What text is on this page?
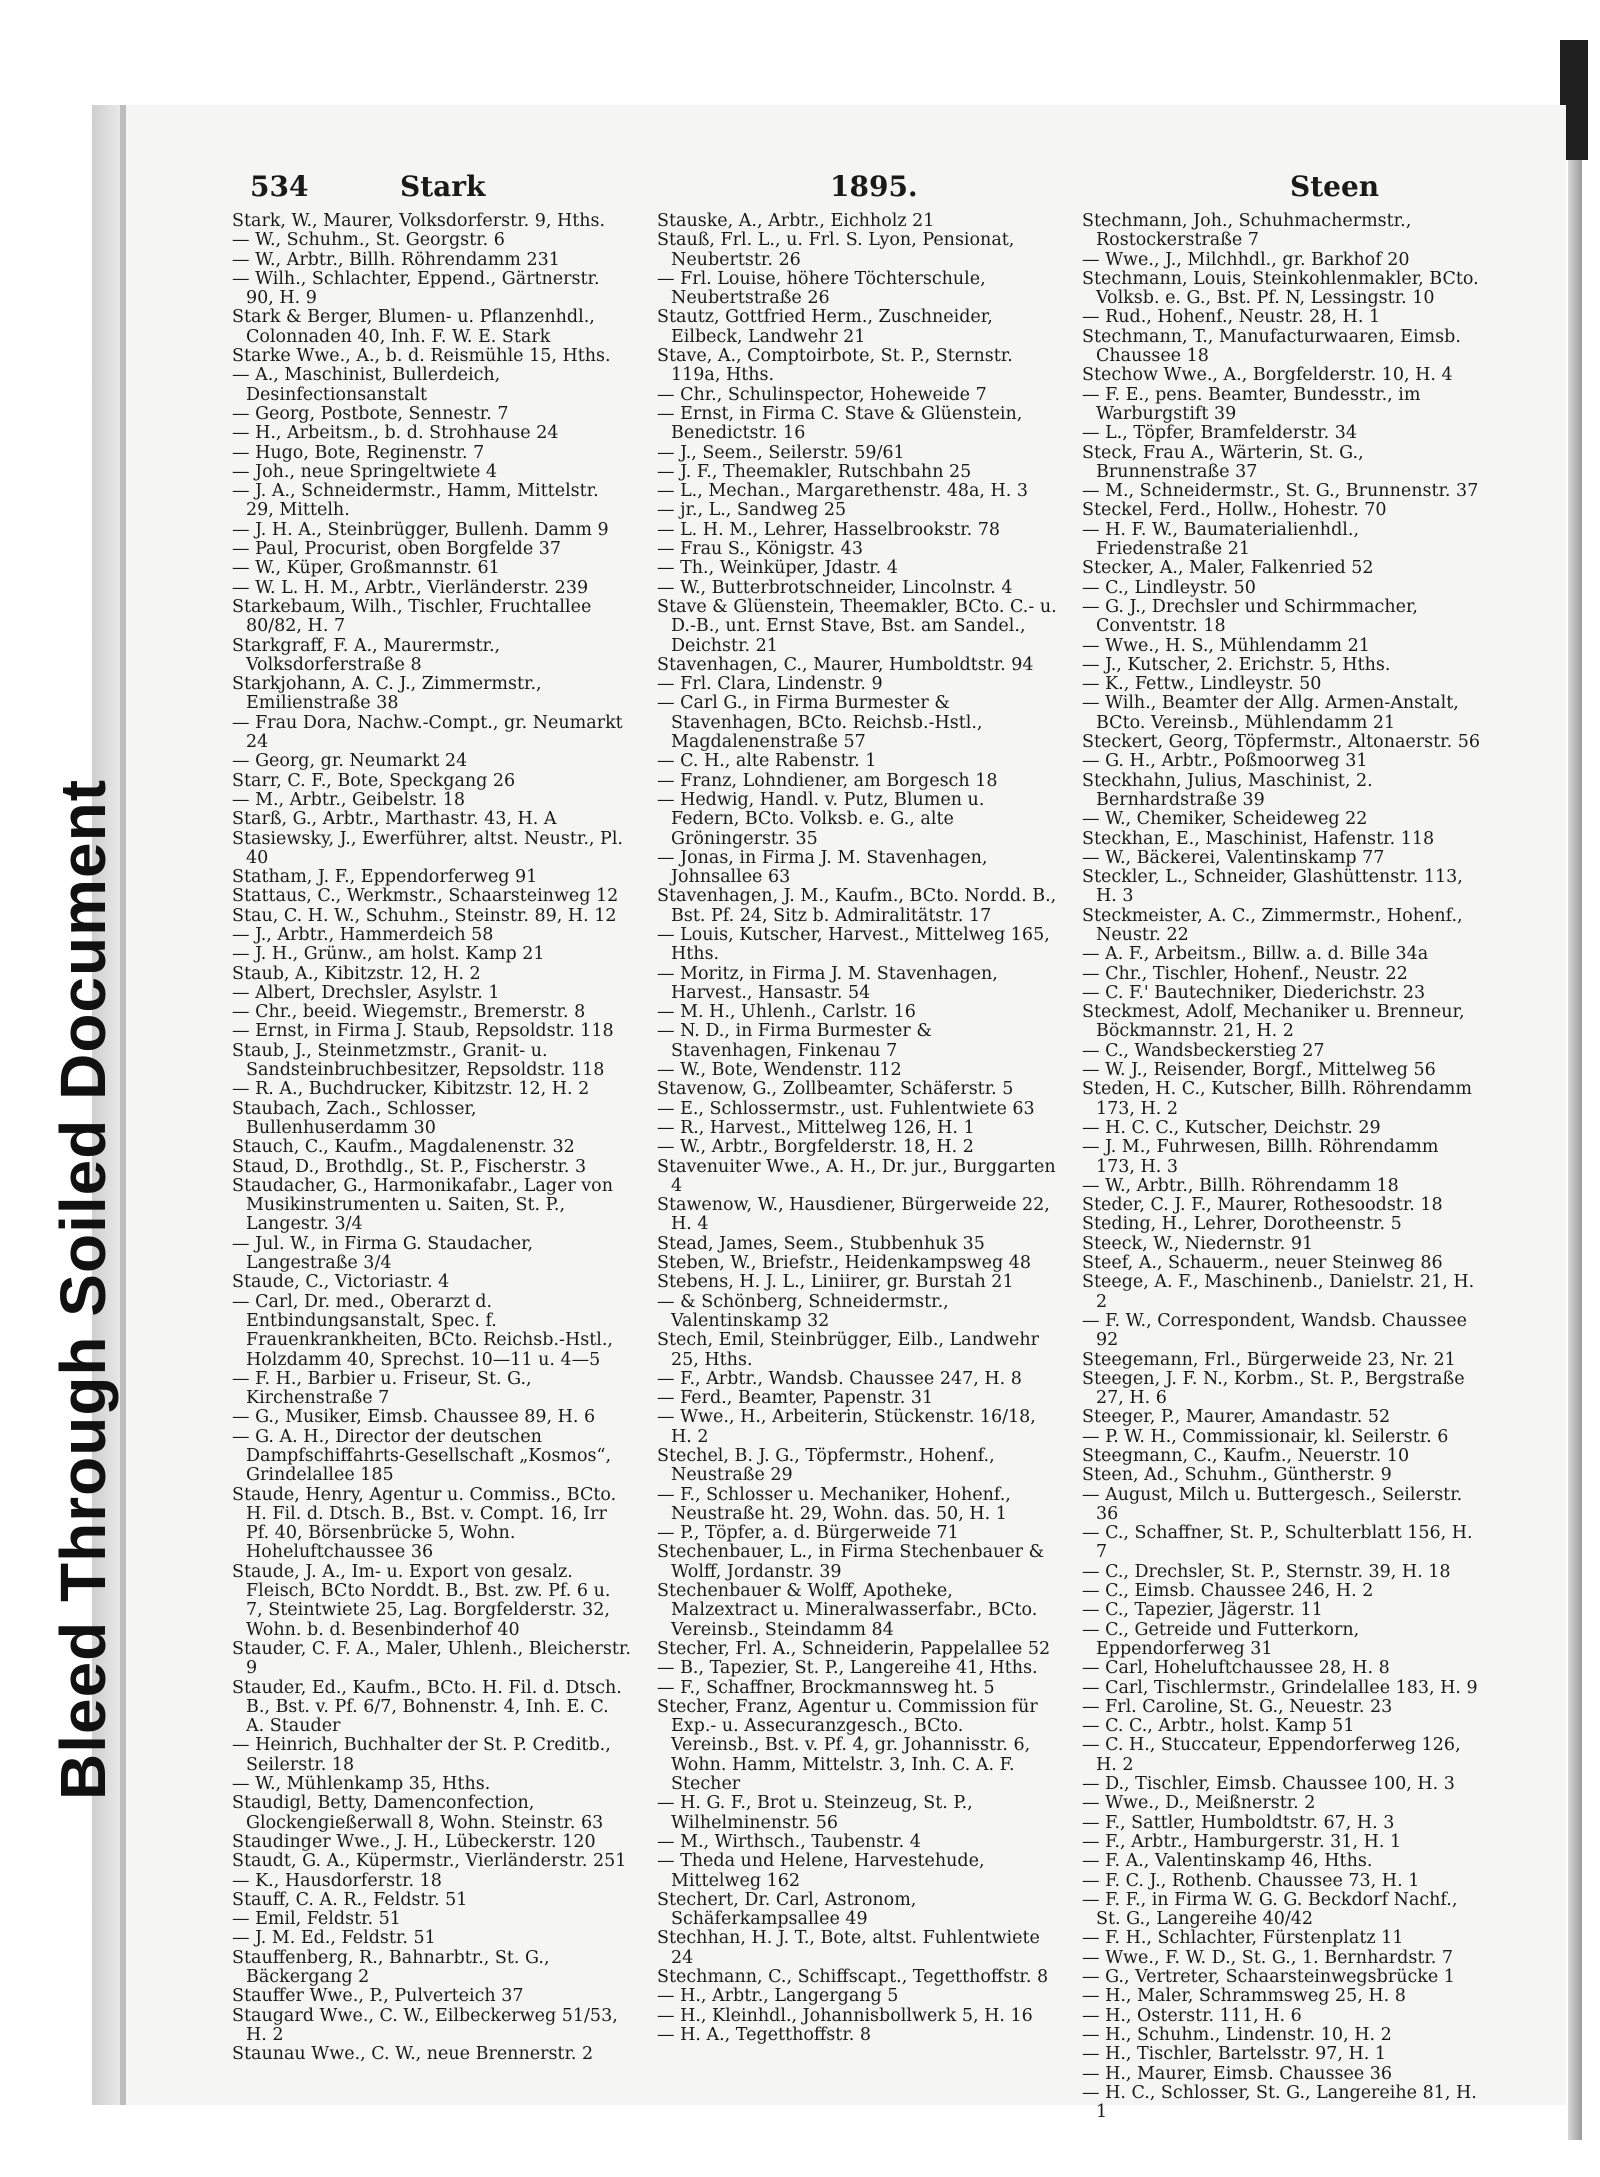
Bleed Through Soiled Document
534	Stark	1895.	Steen

Stark, W., Maurer, Volksdorferstr. 9, Hths.

— W., Schuhm., St. Georgstr. 6

— W., Arbtr., Billh. Röhrendamm 231

— Wilh., Schlachter, Eppend., Gärtnerstr. 90, H. 9

Stark & Berger, Blumen- u. Pflanzenhdl., Colonnaden 40, Inh. F. W. E. Stark

Starke Wwe., A., b. d. Reismühle 15, Hths.

— A., Maschinist, Bullerdeich, Desinfectionsanstalt

— Georg, Postbote, Sennestr. 7

— H., Arbeitsm., b. d. Strohhause 24

— Hugo, Bote, Reginenstr. 7

— Joh., neue Springeltwiete 4

— J. A., Schneidermstr., Hamm, Mittelstr. 29, Mittelh.

— J. H. A., Steinbrügger, Bullenh. Damm 9

— Paul, Procurist, oben Borgfelde 37

— W., Küper, Großmannstr. 61

— W. L. H. M., Arbtr., Vierländerstr. 239

Starkebaum, Wilh., Tischler, Fruchtallee 80/82, H. 7

Starkgraff, F. A., Maurermstr., Volksdorferstraße 8

Starkjohann, A. C. J., Zimmermstr., Emilienstraße 38

— Frau Dora, Nachw.-Compt., gr. Neumarkt 24

— Georg, gr. Neumarkt 24

Starr, C. F., Bote, Speckgang 26

— M., Arbtr., Geibelstr. 18

Starß, G., Arbtr., Marthastr. 43, H. A

Stasiewsky, J., Ewerführer, altst. Neustr., Pl. 40

Statham, J. F., Eppendorferweg 91

Stattaus, C., Werkmstr., Schaarsteinweg 12

Stau, C. H. W., Schuhm., Steinstr. 89, H. 12

— J., Arbtr., Hammerdeich 58

— J. H., Grünw., am holst. Kamp 21

Staub, A., Kibitzstr. 12, H. 2

— Albert, Drechsler, Asylstr. 1

— Chr., beeid. Wiegemstr., Bremerstr. 8

— Ernst, in Firma J. Staub, Repsoldstr. 118

Staub, J., Steinmetzmstr., Granit- u. Sandsteinbruchbesitzer, Repsoldstr. 118

— R. A., Buchdrucker, Kibitzstr. 12, H. 2

Staubach, Zach., Schlosser, Bullenhuserdamm 30

Stauch, C., Kaufm., Magdalenenstr. 32

Staud, D., Brothdlg., St. P., Fischerstr. 3

Staudacher, G., Harmonikafabr., Lager von Musikinstrumenten u. Saiten, St. P., Langestr. 3/4

— Jul. W., in Firma G. Staudacher, Langestraße 3/4

Staude, C., Victoriastr. 4

— Carl, Dr. med., Oberarzt d. Entbindungsanstalt, Spec. f. Frauenkrankheiten, BCto. Reichsb.-Hstl., Holzdamm 40, Sprechst. 10—11 u. 4—5

— F. H., Barbier u. Friseur, St. G., Kirchenstraße 7

— G., Musiker, Eimsb. Chaussee 89, H. 6

— G. A. H., Director der deutschen Dampfschiffahrts-Gesellschaft „Kosmos“, Grindelallee 185

Staude, Henry, Agentur u. Commiss., BCto. H. Fil. d. Dtsch. B., Bst. v. Compt. 16, Irr Pf. 40, Börsenbrücke 5, Wohn. Hoheluftchaussee 36

Staude, J. A., Im- u. Export von gesalz. Fleisch, BCto Norddt. B., Bst. zw. Pf. 6 u. 7, Steintwiete 25, Lag. Borgfelderstr. 32, Wohn. b. d. Besenbinderhof 40

Stauder, C. F. A., Maler, Uhlenh., Bleicherstr. 9

Stauder, Ed., Kaufm., BCto. H. Fil. d. Dtsch. B., Bst. v. Pf. 6/7, Bohnenstr. 4, Inh. E. C. A. Stauder

— Heinrich, Buchhalter der St. P. Creditb., Seilerstr. 18

— W., Mühlenkamp 35, Hths.

Staudigl, Betty, Damenconfection, Glockengießerwall 8, Wohn. Steinstr. 63

Staudinger Wwe., J. H., Lübeckerstr. 120

Staudt, G. A., Küpermstr., Vierländerstr. 251

— K., Hausdorferstr. 18

Stauff, C. A. R., Feldstr. 51

— Emil, Feldstr. 51

— J. M. Ed., Feldstr. 51

Stauffenberg, R., Bahnarbtr., St. G., Bäckergang 2

Stauffer Wwe., P., Pulverteich 37

Staugard Wwe., C. W., Eilbeckerweg 51/53, H. 2

Staunau Wwe., C. W., neue Brennerstr. 2

Stauske, A., Arbtr., Eichholz 21

Stauß, Frl. L., u. Frl. S. Lyon, Pensionat, Neubertstr. 26

— Frl. Louise, höhere Töchterschule, Neubertstraße 26

Stautz, Gottfried Herm., Zuschneider, Eilbeck, Landwehr 21

Stave, A., Comptoirbote, St. P., Sternstr. 119a, Hths.

— Chr., Schulinspector, Hoheweide 7

— Ernst, in Firma C. Stave & Glüenstein, Benedictstr. 16

— J., Seem., Seilerstr. 59/61

— J. F., Theemakler, Rutschbahn 25

— L., Mechan., Margarethenstr. 48a, H. 3

— jr., L., Sandweg 25

— L. H. M., Lehrer, Hasselbrookstr. 78

— Frau S., Königstr. 43

— Th., Weinküper, Jdastr. 4

— W., Butterbrotschneider, Lincolnstr. 4

Stave & Glüenstein, Theemakler, BCto. C.- u. D.-B., unt. Ernst Stave, Bst. am Sandel., Deichstr. 21

Stavenhagen, C., Maurer, Humboldtstr. 94

— Frl. Clara, Lindenstr. 9

— Carl G., in Firma Burmester & Stavenhagen, BCto. Reichsb.-Hstl., Magdalenenstraße 57

— C. H., alte Rabenstr. 1

— Franz, Lohndiener, am Borgesch 18

— Hedwig, Handl. v. Putz, Blumen u. Federn, BCto. Volksb. e. G., alte Gröningerstr. 35

— Jonas, in Firma J. M. Stavenhagen, Johnsallee 63

Stavenhagen, J. M., Kaufm., BCto. Nordd. B., Bst. Pf. 24, Sitz b. Admiralitätstr. 17

— Louis, Kutscher, Harvest., Mittelweg 165, Hths.

— Moritz, in Firma J. M. Stavenhagen, Harvest., Hansastr. 54

— M. H., Uhlenh., Carlstr. 16

— N. D., in Firma Burmester & Stavenhagen, Finkenau 7

— W., Bote, Wendenstr. 112

Stavenow, G., Zollbeamter, Schäferstr. 5

— E., Schlossermstr., ust. Fuhlentwiete 63

— R., Harvest., Mittelweg 126, H. 1

— W., Arbtr., Borgfelderstr. 18, H. 2

Stavenuiter Wwe., A. H., Dr. jur., Burggarten 4

Stawenow, W., Hausdiener, Bürgerweide 22, H. 4

Stead, James, Seem., Stubbenhuk 35

Steben, W., Briefstr., Heidenkampsweg 48

Stebens, H. J. L., Liniirer, gr. Burstah 21

— & Schönberg, Schneidermstr., Valentinskamp 32

Stech, Emil, Steinbrügger, Eilb., Landwehr 25, Hths.

— F., Arbtr., Wandsb. Chaussee 247, H. 8

— Ferd., Beamter, Papenstr. 31

— Wwe., H., Arbeiterin, Stückenstr. 16/18, H. 2

Stechel, B. J. G., Töpfermstr., Hohenf., Neustraße 29

— F., Schlosser u. Mechaniker, Hohenf., Neustraße ht. 29, Wohn. das. 50, H. 1

— P., Töpfer, a. d. Bürgerweide 71

Stechenbauer, L., in Firma Stechenbauer & Wolff, Jordanstr. 39

Stechenbauer & Wolff, Apotheke, Malzextract u. Mineralwasserfabr., BCto. Vereinsb., Steindamm 84

Stecher, Frl. A., Schneiderin, Pappelallee 52

— B., Tapezier, St. P., Langereihe 41, Hths.

— F., Schaffner, Brockmannsweg ht. 5

Stecher, Franz, Agentur u. Commission für Exp.- u. Assecuranzgesch., BCto. Vereinsb., Bst. v. Pf. 4, gr. Johannisstr. 6, Wohn. Hamm, Mittelstr. 3, Inh. C. A. F. Stecher

— H. G. F., Brot u. Steinzeug, St. P., Wilhelminenstr. 56

— M., Wirthsch., Taubenstr. 4

— Theda und Helene, Harvestehude, Mittelweg 162

Stechert, Dr. Carl, Astronom, Schäferkampsallee 49

Stechhan, H. J. T., Bote, altst. Fuhlentwiete 24

Stechmann, C., Schiffscapt., Tegetthoffstr. 8

— H., Arbtr., Langergang 5

— H., Kleinhdl., Johannisbollwerk 5, H. 16

— H. A., Tegetthoffstr. 8

Stechmann, Joh., Schuhmachermstr., Rostockerstraße 7

— Wwe., J., Milchhdl., gr. Barkhof 20

Stechmann, Louis, Steinkohlenmakler, BCto. Volksb. e. G., Bst. Pf. N, Lessingstr. 10

— Rud., Hohenf., Neustr. 28, H. 1

Stechmann, T., Manufacturwaaren, Eimsb. Chaussee 18

Stechow Wwe., A., Borgfelderstr. 10, H. 4

— F. E., pens. Beamter, Bundesstr., im Warburgstift 39

— L., Töpfer, Bramfelderstr. 34

Steck, Frau A., Wärterin, St. G., Brunnenstraße 37

— M., Schneidermstr., St. G., Brunnenstr. 37

Steckel, Ferd., Hollw., Hohestr. 70

— H. F. W., Baumaterialienhdl., Friedenstraße 21

Stecker, A., Maler, Falkenried 52

— C., Lindleystr. 50

— G. J., Drechsler und Schirmmacher, Conventstr. 18

— Wwe., H. S., Mühlendamm 21

— J., Kutscher, 2. Erichstr. 5, Hths.

— K., Fettw., Lindleystr. 50

— Wilh., Beamter der Allg. Armen-Anstalt, BCto. Vereinsb., Mühlendamm 21

Steckert, Georg, Töpfermstr., Altonaerstr. 56

— G. H., Arbtr., Poßmoorweg 31

Steckhahn, Julius, Maschinist, 2. Bernhardstraße 39

— W., Chemiker, Scheideweg 22

Steckhan, E., Maschinist, Hafenstr. 118

— W., Bäckerei, Valentinskamp 77

Steckler, L., Schneider, Glashüttenstr. 113, H. 3

Steckmeister, A. C., Zimmermstr., Hohenf., Neustr. 22

— A. F., Arbeitsm., Billw. a. d. Bille 34a

— Chr., Tischler, Hohenf., Neustr. 22

— C. F.' Bautechniker, Diederichstr. 23

Steckmest, Adolf, Mechaniker u. Brenneur, Böckmannstr. 21, H. 2

— C., Wandsbeckerstieg 27

— W. J., Reisender, Borgf., Mittelweg 56

Steden, H. C., Kutscher, Billh. Röhrendamm 173, H. 2

— H. C. C., Kutscher, Deichstr. 29

— J. M., Fuhrwesen, Billh. Röhrendamm 173, H. 3

— W., Arbtr., Billh. Röhrendamm 18

Steder, C. J. F., Maurer, Rothesoodstr. 18

Steding, H., Lehrer, Dorotheenstr. 5

Steeck, W., Niedernstr. 91

Steef, A., Schauerm., neuer Steinweg 86

Steege, A. F., Maschinenb., Danielstr. 21, H. 2

— F. W., Correspondent, Wandsb. Chaussee 92

Steegemann, Frl., Bürgerweide 23, Nr. 21

Steegen, J. F. N., Korbm., St. P., Bergstraße 27, H. 6

Steeger, P., Maurer, Amandastr. 52

— P. W. H., Commissionair, kl. Seilerstr. 6

Steegmann, C., Kaufm., Neuerstr. 10

Steen, Ad., Schuhm., Güntherstr. 9

— August, Milch u. Buttergesch., Seilerstr. 36

— C., Schaffner, St. P., Schulterblatt 156, H. 7

— C., Drechsler, St. P., Sternstr. 39, H. 18

— C., Eimsb. Chaussee 246, H. 2

— C., Tapezier, Jägerstr. 11

— C., Getreide und Futterkorn, Eppendorferweg 31

— Carl, Hoheluftchaussee 28, H. 8

— Carl, Tischlermstr., Grindelallee 183, H. 9

— Frl. Caroline, St. G., Neuestr. 23

— C. C., Arbtr., holst. Kamp 51

— C. H., Stuccateur, Eppendorferweg 126, H. 2

— D., Tischler, Eimsb. Chaussee 100, H. 3

— Wwe., D., Meißnerstr. 2

— F., Sattler, Humboldtstr. 67, H. 3

— F., Arbtr., Hamburgerstr. 31, H. 1

— F. A., Valentinskamp 46, Hths.

— F. C. J., Rothenb. Chaussee 73, H. 1

— F. F., in Firma W. G. G. Beckdorf Nachf., St. G., Langereihe 40/42

— F. H., Schlachter, Fürstenplatz 11

— Wwe., F. W. D., St. G., 1. Bernhardstr. 7

— G., Vertreter, Schaarsteinwegsbrücke 1

— H., Maler, Schrammsweg 25, H. 8

— H., Osterstr. 111, H. 6

— H., Schuhm., Lindenstr. 10, H. 2

— H., Tischler, Bartelsstr. 97, H. 1

— H., Maurer, Eimsb. Chaussee 36

— H. C., Schlosser, St. G., Langereihe 81, H. 1
